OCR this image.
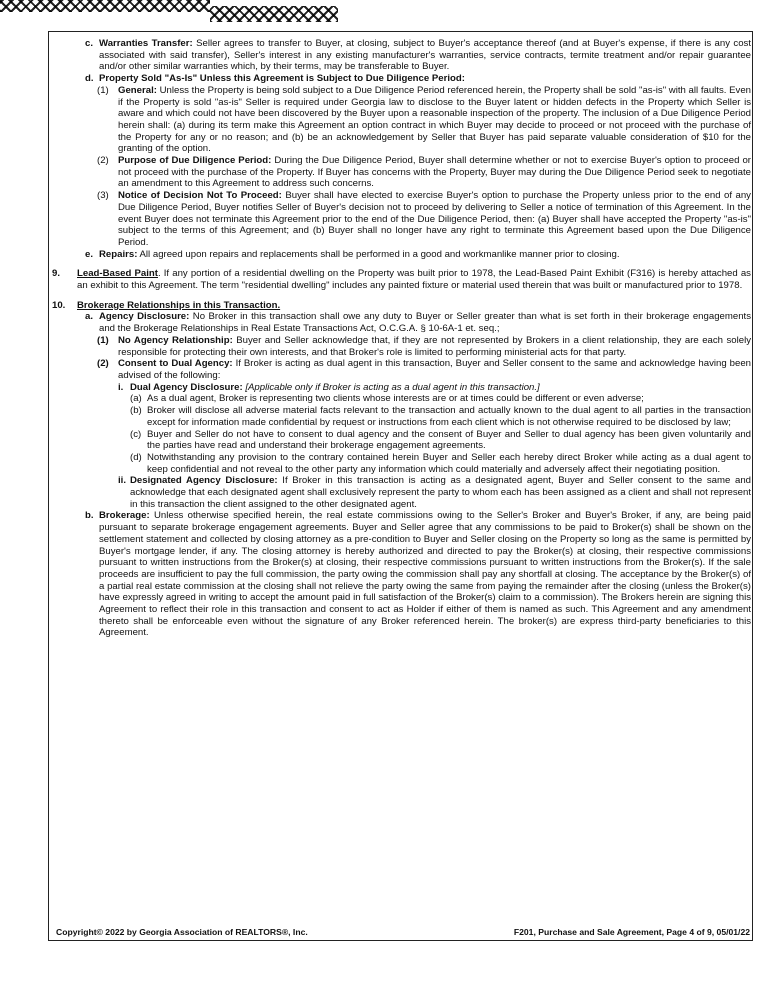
c. Warranties Transfer: Seller agrees to transfer to Buyer, at closing, subject to Buyer's acceptance thereof (and at Buyer's expense, if there is any cost associated with said transfer), Seller's interest in any existing manufacturer's warranties, service contracts, termite treatment and/or repair guarantee and/or other similar warranties which, by their terms, may be transferable to Buyer.

d. Property Sold "As-Is" Unless this Agreement is Subject to Due Diligence Period:

(1) General: Unless the Property is being sold subject to a Due Diligence Period referenced herein, the Property shall be sold "as-is" with all faults. Even if the Property is sold "as-is" Seller is required under Georgia law to disclose to the Buyer latent or hidden defects in the Property which Seller is aware and which could not have been discovered by the Buyer upon a reasonable inspection of the property. The inclusion of a Due Diligence Period herein shall: (a) during its term make this Agreement an option contract in which Buyer may decide to proceed or not proceed with the purchase of the Property for any or no reason; and (b) be an acknowledgement by Seller that Buyer has paid separate valuable consideration of $10 for the granting of the option.

(2) Purpose of Due Diligence Period: During the Due Diligence Period, Buyer shall determine whether or not to exercise Buyer's option to proceed or not proceed with the purchase of the Property. If Buyer has concerns with the Property, Buyer may during the Due Diligence Period seek to negotiate an amendment to this Agreement to address such concerns.

(3) Notice of Decision Not To Proceed: Buyer shall have elected to exercise Buyer's option to purchase the Property unless prior to the end of any Due Diligence Period, Buyer notifies Seller of Buyer's decision not to proceed by delivering to Seller a notice of termination of this Agreement. In the event Buyer does not terminate this Agreement prior to the end of the Due Diligence Period, then: (a) Buyer shall have accepted the Property "as-is" subject to the terms of this Agreement; and (b) Buyer shall no longer have any right to terminate this Agreement based upon the Due Diligence Period.

e. Repairs: All agreed upon repairs and replacements shall be performed in a good and workmanlike manner prior to closing.

9.	Lead-Based Paint. If any portion of a residential dwelling on the Property was built prior to 1978, the Lead-Based Paint Exhibit (F316) is hereby attached as an exhibit to this Agreement. The term "residential dwelling" includes any painted fixture or material used therein that was built or manufactured prior to 1978.

10.	Brokerage Relationships in this Transaction.

a. Agency Disclosure: No Broker in this transaction shall owe any duty to Buyer or Seller greater than what is set forth in their brokerage engagements and the Brokerage Relationships in Real Estate Transactions Act, O.C.G.A. § 10-6A-1 et. seq.;

(1) No Agency Relationship: Buyer and Seller acknowledge that, if they are not represented by Brokers in a client relationship, they are each solely responsible for protecting their own interests, and that Broker's role is limited to performing ministerial acts for that party.

(2) Consent to Dual Agency: If Broker is acting as dual agent in this transaction, Buyer and Seller consent to the same and acknowledge having been advised of the following:

i. Dual Agency Disclosure: [Applicable only if Broker is acting as a dual agent in this transaction.]

(a) As a dual agent, Broker is representing two clients whose interests are or at times could be different or even adverse;

(b) Broker will disclose all adverse material facts relevant to the transaction and actually known to the dual agent to all parties in the transaction except for information made confidential by request or instructions from each client which is not otherwise required to be disclosed by law;

(c) Buyer and Seller do not have to consent to dual agency and the consent of Buyer and Seller to dual agency has been given voluntarily and the parties have read and understand their brokerage engagement agreements.

(d) Notwithstanding any provision to the contrary contained herein Buyer and Seller each hereby direct Broker while acting as a dual agent to keep confidential and not reveal to the other party any information which could materially and adversely affect their negotiating position.

ii. Designated Agency Disclosure: If Broker in this transaction is acting as a designated agent, Buyer and Seller consent to the same and acknowledge that each designated agent shall exclusively represent the party to whom each has been assigned as a client and shall not represent in this transaction the client assigned to the other designated agent.

b. Brokerage: Unless otherwise specified herein, the real estate commissions owing to the Seller's Broker and Buyer's Broker, if any, are being paid pursuant to separate brokerage engagement agreements. Buyer and Seller agree that any commissions to be paid to Broker(s) shall be shown on the settlement statement and collected by closing attorney as a pre-condition to Buyer and Seller closing on the Property so long as the same is permitted by Buyer's mortgage lender, if any. The closing attorney is hereby authorized and directed to pay the Broker(s) at closing, their respective commissions pursuant to written instructions from the Broker(s) at closing, their respective commissions pursuant to written instructions from the Broker(s). If the sale proceeds are insufficient to pay the full commission, the party owing the commission shall pay any shortfall at closing. The acceptance by the Broker(s) of a partial real estate commission at the closing shall not relieve the party owing the same from paying the remainder after the closing (unless the Broker(s) have expressly agreed in writing to accept the amount paid in full satisfaction of the Broker(s) claim to a commission). The Brokers herein are signing this Agreement to reflect their role in this transaction and consent to act as Holder if either of them is named as such. This Agreement and any amendment thereto shall be enforceable even without the signature of any Broker referenced herein. The broker(s) are express third-party beneficiaries to this Agreement.

Copyright© 2022 by Georgia Association of REALTORS®, Inc.	F201, Purchase and Sale Agreement, Page 4 of 9, 05/01/22
